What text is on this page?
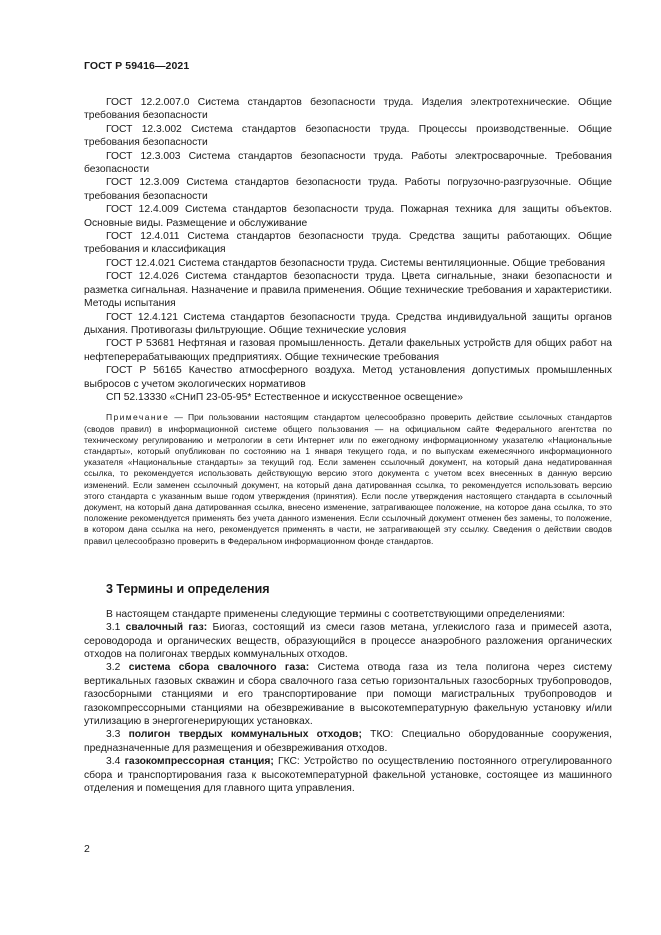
ГОСТ Р 59416—2021

ГОСТ 12.2.007.0 Система стандартов безопасности труда. Изделия электротехнические. Общие требования безопасности

ГОСТ 12.3.002 Система стандартов безопасности труда. Процессы производственные. Общие требования безопасности

ГОСТ 12.3.003 Система стандартов безопасности труда. Работы электросварочные. Требования безопасности

ГОСТ 12.3.009 Система стандартов безопасности труда. Работы погрузочно-разгрузочные. Общие требования безопасности

ГОСТ 12.4.009 Система стандартов безопасности труда. Пожарная техника для защиты объектов. Основные виды. Размещение и обслуживание

ГОСТ 12.4.011 Система стандартов безопасности труда. Средства защиты работающих. Общие требования и классификация

ГОСТ 12.4.021 Система стандартов безопасности труда. Системы вентиляционные. Общие требования

ГОСТ 12.4.026 Система стандартов безопасности труда. Цвета сигнальные, знаки безопасности и разметка сигнальная. Назначение и правила применения. Общие технические требования и характеристики. Методы испытания

ГОСТ 12.4.121 Система стандартов безопасности труда. Средства индивидуальной защиты органов дыхания. Противогазы фильтрующие. Общие технические условия

ГОСТ Р 53681 Нефтяная и газовая промышленность. Детали факельных устройств для общих работ на нефтеперерабатывающих предприятиях. Общие технические требования

ГОСТ Р 56165 Качество атмосферного воздуха. Метод установления допустимых промышленных выбросов с учетом экологических нормативов

СП 52.13330 «СНиП 23-05-95* Естественное и искусственное освещение»

Примечание — При пользовании настоящим стандартом целесообразно проверить действие ссылочных стандартов (сводов правил) в информационной системе общего пользования — на официальном сайте Федерального агентства по техническому регулированию и метрологии в сети Интернет или по ежегодному информационному указателю «Национальные стандарты», который опубликован по состоянию на 1 января текущего года, и по выпускам ежемесячного информационного указателя «Национальные стандарты» за текущий год. Если заменен ссылочный документ, на который дана недатированная ссылка, то рекомендуется использовать действующую версию этого документа с учетом всех внесенных в данную версию изменений. Если заменен ссылочный документ, на который дана датированная ссылка, то рекомендуется использовать версию этого стандарта с указанным выше годом утверждения (принятия). Если после утверждения настоящего стандарта в ссылочный документ, на который дана датированная ссылка, внесено изменение, затрагивающее положение, на которое дана ссылка, то это положение рекомендуется применять без учета данного изменения. Если ссылочный документ отменен без замены, то положение, в котором дана ссылка на него, рекомендуется применять в части, не затрагивающей эту ссылку. Сведения о действии сводов правил целесообразно проверить в Федеральном информационном фонде стандартов.

3 Термины и определения

В настоящем стандарте применены следующие термины с соответствующими определениями:

3.1 свалочный газ: Биогаз, состоящий из смеси газов метана, углекислого газа и примесей азота, сероводорода и органических веществ, образующийся в процессе анаэробного разложения органических отходов на полигонах твердых коммунальных отходов.

3.2 система сбора свалочного газа: Система отвода газа из тела полигона через систему вертикальных газовых скважин и сбора свалочного газа сетью горизонтальных газосборных трубопроводов, газосборными станциями и его транспортирование при помощи магистральных трубопроводов и газокомпрессорными станциями на обезвреживание в высокотемпературную факельную установку и/или утилизацию в энергогенерирующих установках.

3.3 полигон твердых коммунальных отходов; ТКО: Специально оборудованные сооружения, предназначенные для размещения и обезвреживания отходов.

3.4 газокомпрессорная станция; ГКС: Устройство по осуществлению постоянного отрегулированного сбора и транспортирования газа к высокотемпературной факельной установке, состоящее из машинного отделения и помещения для главного щита управления.

2
